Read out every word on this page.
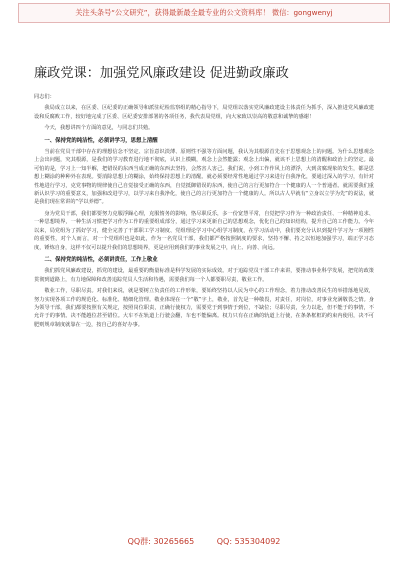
关注头条号“公文研究”，获得最新最全最专业的公文资料库！ 微信：gongwenyj
廉政党课：加强党风廉政建设 促进勤政廉政

同志们：

我局成立以来，在区委、区纪委的正确领导和派驻纪检监察组的精心指导下，局党组以落实党风廉政建设主体责任为抓手，深入推进党风廉政建设和反腐败工作，较好地完成了区委、区纪委安排部署的各项任务，我代表局党组，向大家致以崇高的敬意和诚挚的感谢！

今天，我想讲四个方面的意见，与同志们共勉。

一、保持党的纯洁性，必须讲学习，思想上清醒

当前在党员干部中存在的理想信念不坚定、宗旨意识淡薄、原则性不强等方面问题，我认为其根源首先在于思想观念上的问题。为什么思想观念上会出问题，究其根源，是我们的学习教育进行地不彻底，认识上模糊，观念上会然能露；观念上出偏，就该不上思想上的清醒和政治上的坚定。最可怕的是，学习上一知半解，把错误的东西当成正确的东西去坚持，会然害人害己。我们说，小到工作作风上的漂浮，大到贪腐现象的发生，都是思想上糊涂的种种外在表现。要消除思想上的糊涂，始终保持思想上的清醒。就必须要经常性地通过学习来进行自我净化，要通过深入的学习，有针对性地进行学习，克党事物的规律使自己自觉接受正确的东西，自觉抵御错误的东西，使自己的言行更加符合一个健康的人一个普通者。就需要我们重新认识学习的重要意义，加强和改进学习，以学习来自我净化，使自己的言行更加符合一个健康的人。所以古人早就有“立身以立学为先”的说法，就是我们现在常讲的“学以养德”。

身为党员干部，我们都要努力克服浮躁心理，克服惰务的影响，恪尽职反乐，多一份宽慧平常，自觉把学习作为一种政治责任、一种精神追求、一种思想境界，一种生活习惯把学习作为工作的重要组成部分，通过学习来更新自己的思想观念，优化自己的知识结构，提升自己的工作能力。今年以来，局党组为了抓好学习，健全完善了干部职工学习制度、党组理论学习中心组学习制度，在学习活动中，我们要充分认识到提升学习为一项刚性的重要性，对个人而言，对一个党组织也是如此，作为一名党员干部，我们都严格按照制度的要求，坚持不懈、持之以恒地加强学习，端正学习态度，锤炼自身，这样不仅可以提升我们的思想境界，更是应用到我们的事业发展之中，向上、向善、向远。

二、保持党的纯洁性，必须讲责任，工作上敬业

我们抓党风廉政建设，抓党的建设，最重要的衡量标准是科学发展的实际成效。对于追踪党员干部工作来讲，要推动事业科学发展，把党的政策贯彻到道路上，有力地保障和改善追踪党员人生活和待遇，需要我们每一个人都要职尽责，敬业工作。

敬业工作，尽职尽责。对我们来说，就是要树立负责任的工作形象，要始终坚持以人民为中心的工作理念，着力推动改善民生的举措落地见效，努力实现各项工作的规范化、标准化、精细化管理。敬业体现在一个“敬”字上，敬业，首先是一种敬畏，对责任，对岗位，对事业充满敬畏之情。身为领导干部，我们都要按照有关规定，按照岗位职责，正确行使权力，需要党于到事情于到位，不缺位；尽职尽责，全力以赴，但不能于的事情，不允许于的事情。决不能越位甚至错位。大车不在轨道上行驶会翻，车也不能偏离。权力只有在正确的轨道上行使，在条条框框的约束内使用，决不可肥则规章制度就靠在一边，按自己的喜好办事。

QQ群: 30265665	QQ: 535304092
